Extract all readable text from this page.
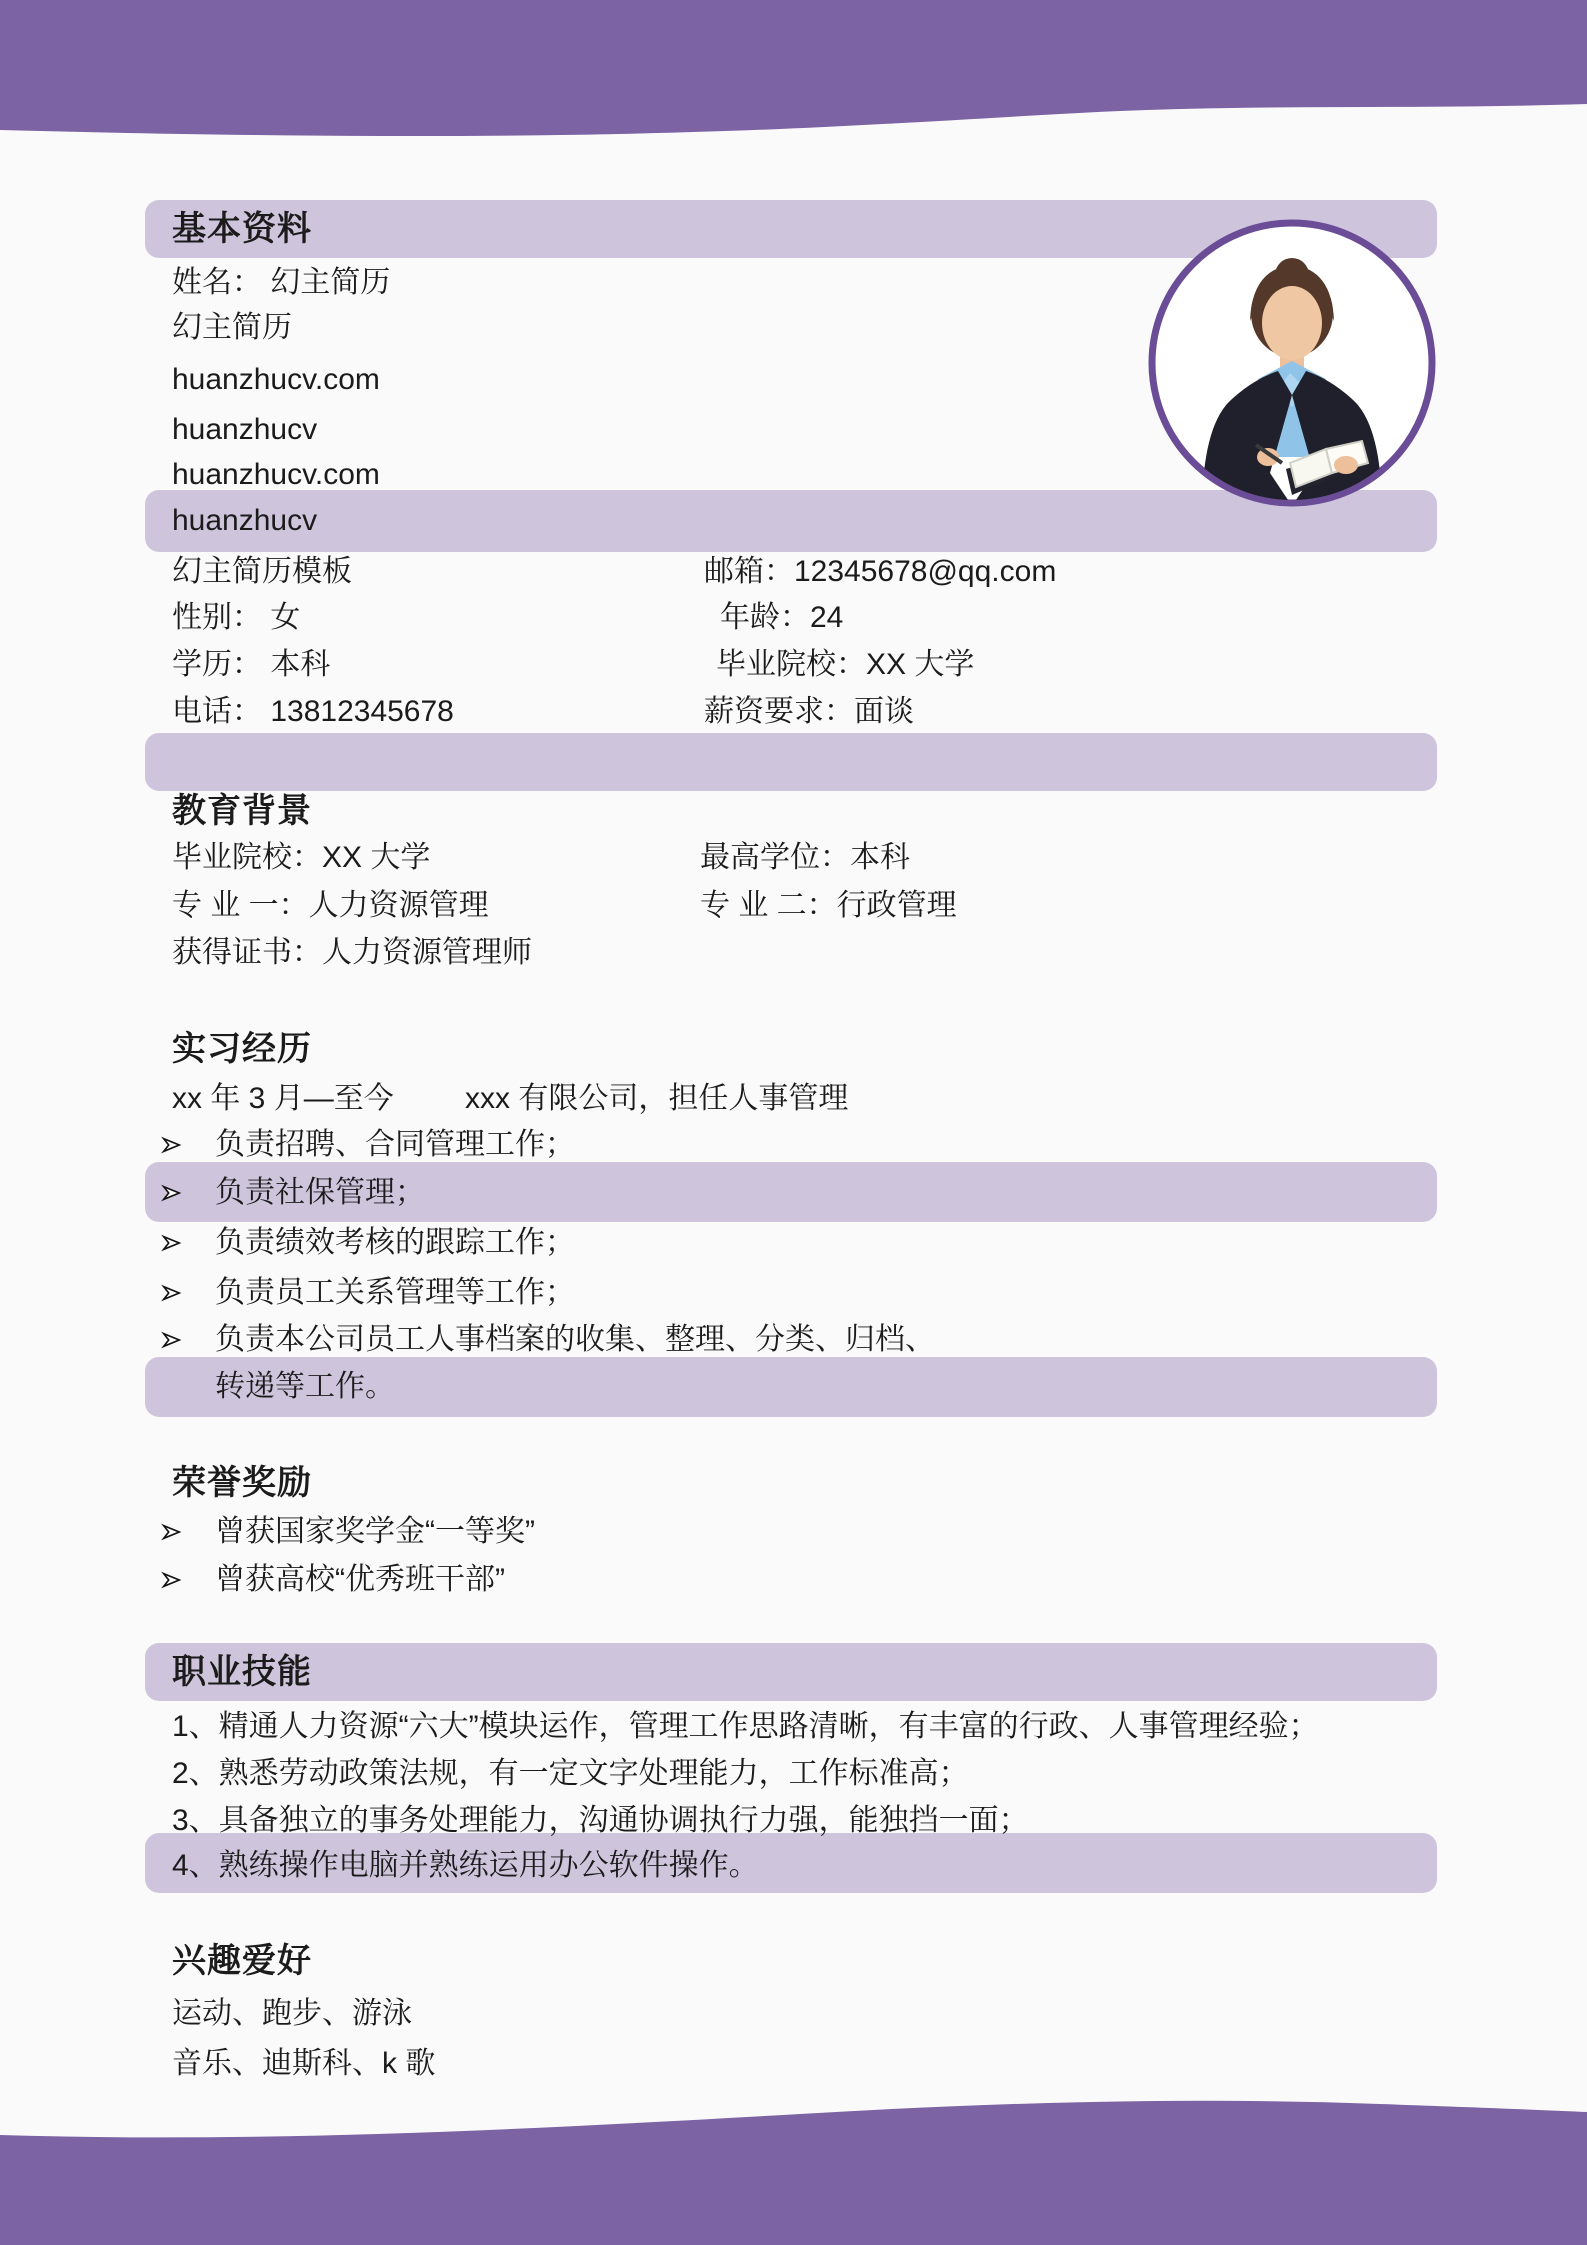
基本资料
姓名： 幻主简历
幻主简历
huanzhucv.com
huanzhucv
huanzhucv.com
huanzhucv
幻主简历模板	邮箱：12345678@qq.com
性别： 女	年龄：24
学历： 本科	毕业院校：XX 大学
电话： 13812345678	薪资要求：面谈
教育背景
毕业院校：XX 大学	最高学位：本科
专 业 一：人力资源管理	专 业 二：行政管理
获得证书：人力资源管理师
实习经历
xx 年 3 月—至今 xxx 有限公司，担任人事管理
负责招聘、合同管理工作；
负责社保管理；
负责绩效考核的跟踪工作；
负责员工关系管理等工作；
负责本公司员工人事档案的收集、整理、分类、归档、
转递等工作。
荣誉奖励
曾获国家奖学金“一等奖”
曾获高校“优秀班干部”
职业技能
1、精通人力资源“六大”模块运作，管理工作思路清晰，有丰富的行政、人事管理经验；
2、熟悉劳动政策法规，有一定文字处理能力，工作标准高；
3、具备独立的事务处理能力，沟通协调执行力强，能独挡一面；
4、熟练操作电脑并熟练运用办公软件操作。
兴趣爱好
运动、跑步、游泳
音乐、迪斯科、k 歌
